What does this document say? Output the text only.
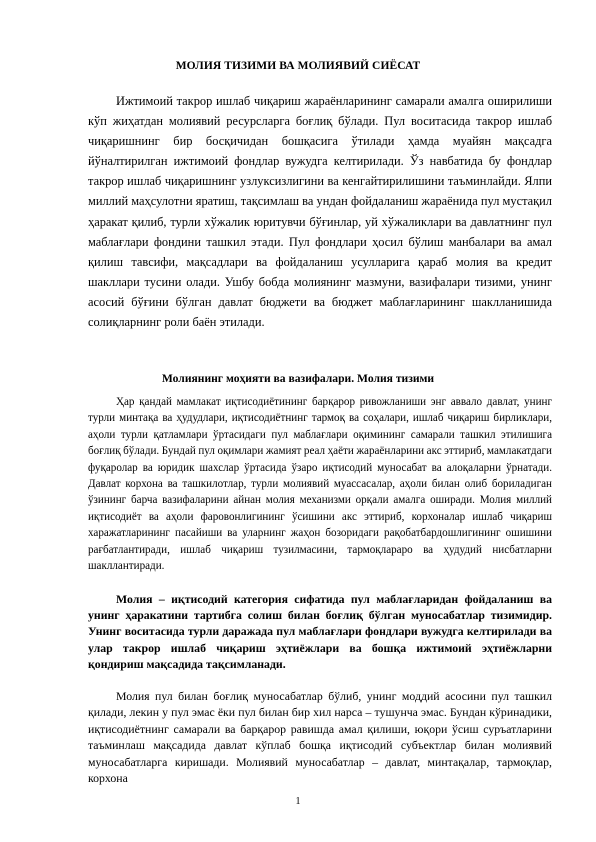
МОЛИЯ ТИЗИМИ ВА МОЛИЯВИЙ СИЁСАТ

Ижтимоий такрор ишлаб чиқариш жараёнларининг самарали амалга оширилиши кўп жиҳатдан молиявий ресурсларга боғлиқ бўлади. Пул воситасида такрор ишлаб чиқаришнинг бир босқичидан бошқасига ўтилади ҳамда муайян мақсадга йўналтирилган ижтимоий фондлар вужудга келтирилади. Ўз навбатида бу фондлар такрор ишлаб чиқаришнинг узлуксизлигини ва кенгайтирилишини таъминлайди. Ялпи миллий маҳсулотни яратиш, тақсимлаш ва ундан фойдаланиш жараёнида пул мустақил ҳаракат қилиб, турли хўжалик юритувчи бўғинлар, уй хўжаликлари ва давлатнинг пул маблағлари фондини ташкил этади. Пул фондлари ҳосил бўлиш манбалари ва амал қилиш тавсифи, мақсадлари ва фойдаланиш усулларига қараб молия ва кредит шакллари тусини олади. Ушбу бобда молиянинг мазмуни, вазифалари тизими, унинг асосий бўғини бўлган давлат бюджети ва бюджет маблағларининг шаклланишида солиқларнинг роли баён этилади.

Молиянинг моҳияти ва вазифалари. Молия тизими

Ҳар қандай мамлакат иқтисодиётининг барқарор ривожланиши энг аввало давлат, унинг турли минтақа ва ҳудудлари, иқтисодиётнинг тармоқ ва соҳалари, ишлаб чиқариш бирликлари, аҳоли турли қатламлари ўртасидаги пул маблағлари оқимининг самарали ташкил этилишига боғлиқ бўлади. Бундай пул оқимлари жамият реал ҳаёти жараёнларини акс эттириб, мамлакатдаги фуқаролар ва юридик шахслар ўртасида ўзаро иқтисодий муносабат ва алоқаларни ўрнатади. Давлат корхона ва ташкилотлар, турли молиявий муассасалар, аҳоли билан олиб бориладиган ўзининг барча вазифаларини айнан молия механизми орқали амалга оширади. Молия миллий иқтисодиёт ва аҳоли фаровонлигининг ўсишини акс эттириб, корхоналар ишлаб чиқариш харажатларининг пасайиши ва уларнинг жаҳон бозоридаги рақобатбардошлигининг ошишини рағбатлантиради, ишлаб чиқариш тузилмасини, тармоқлараро ва ҳудудий нисбатларни шакллантиради.

Молия – иқтисодий категория сифатида пул маблағларидан фойдаланиш ва унинг ҳаракатини тартибга солиш билан боғлиқ бўлган муносабатлар тизимидир. Унинг воситасида турли даражада пул маблағлари фондлари вужудга келтирилади ва улар такрор ишлаб чиқариш эҳтиёжлари ва бошқа ижтимоий эҳтиёжларни қондириш мақсадида тақсимланади.

Молия пул билан боғлиқ муносабатлар бўлиб, унинг моддий асосини пул ташкил қилади, лекин у пул эмас ёки пул билан бир хил нарса – тушунча эмас. Бундан кўринадики, иқтисодиётнинг самарали ва барқарор равишда амал қилиши, юқори ўсиш суръатларини таъминлаш мақсадида давлат кўплаб бошқа иқтисодий субъектлар билан молиявий муносабатларга киришади. Молиявий муносабатлар – давлат, минтақалар, тармоқлар, корхона

1
